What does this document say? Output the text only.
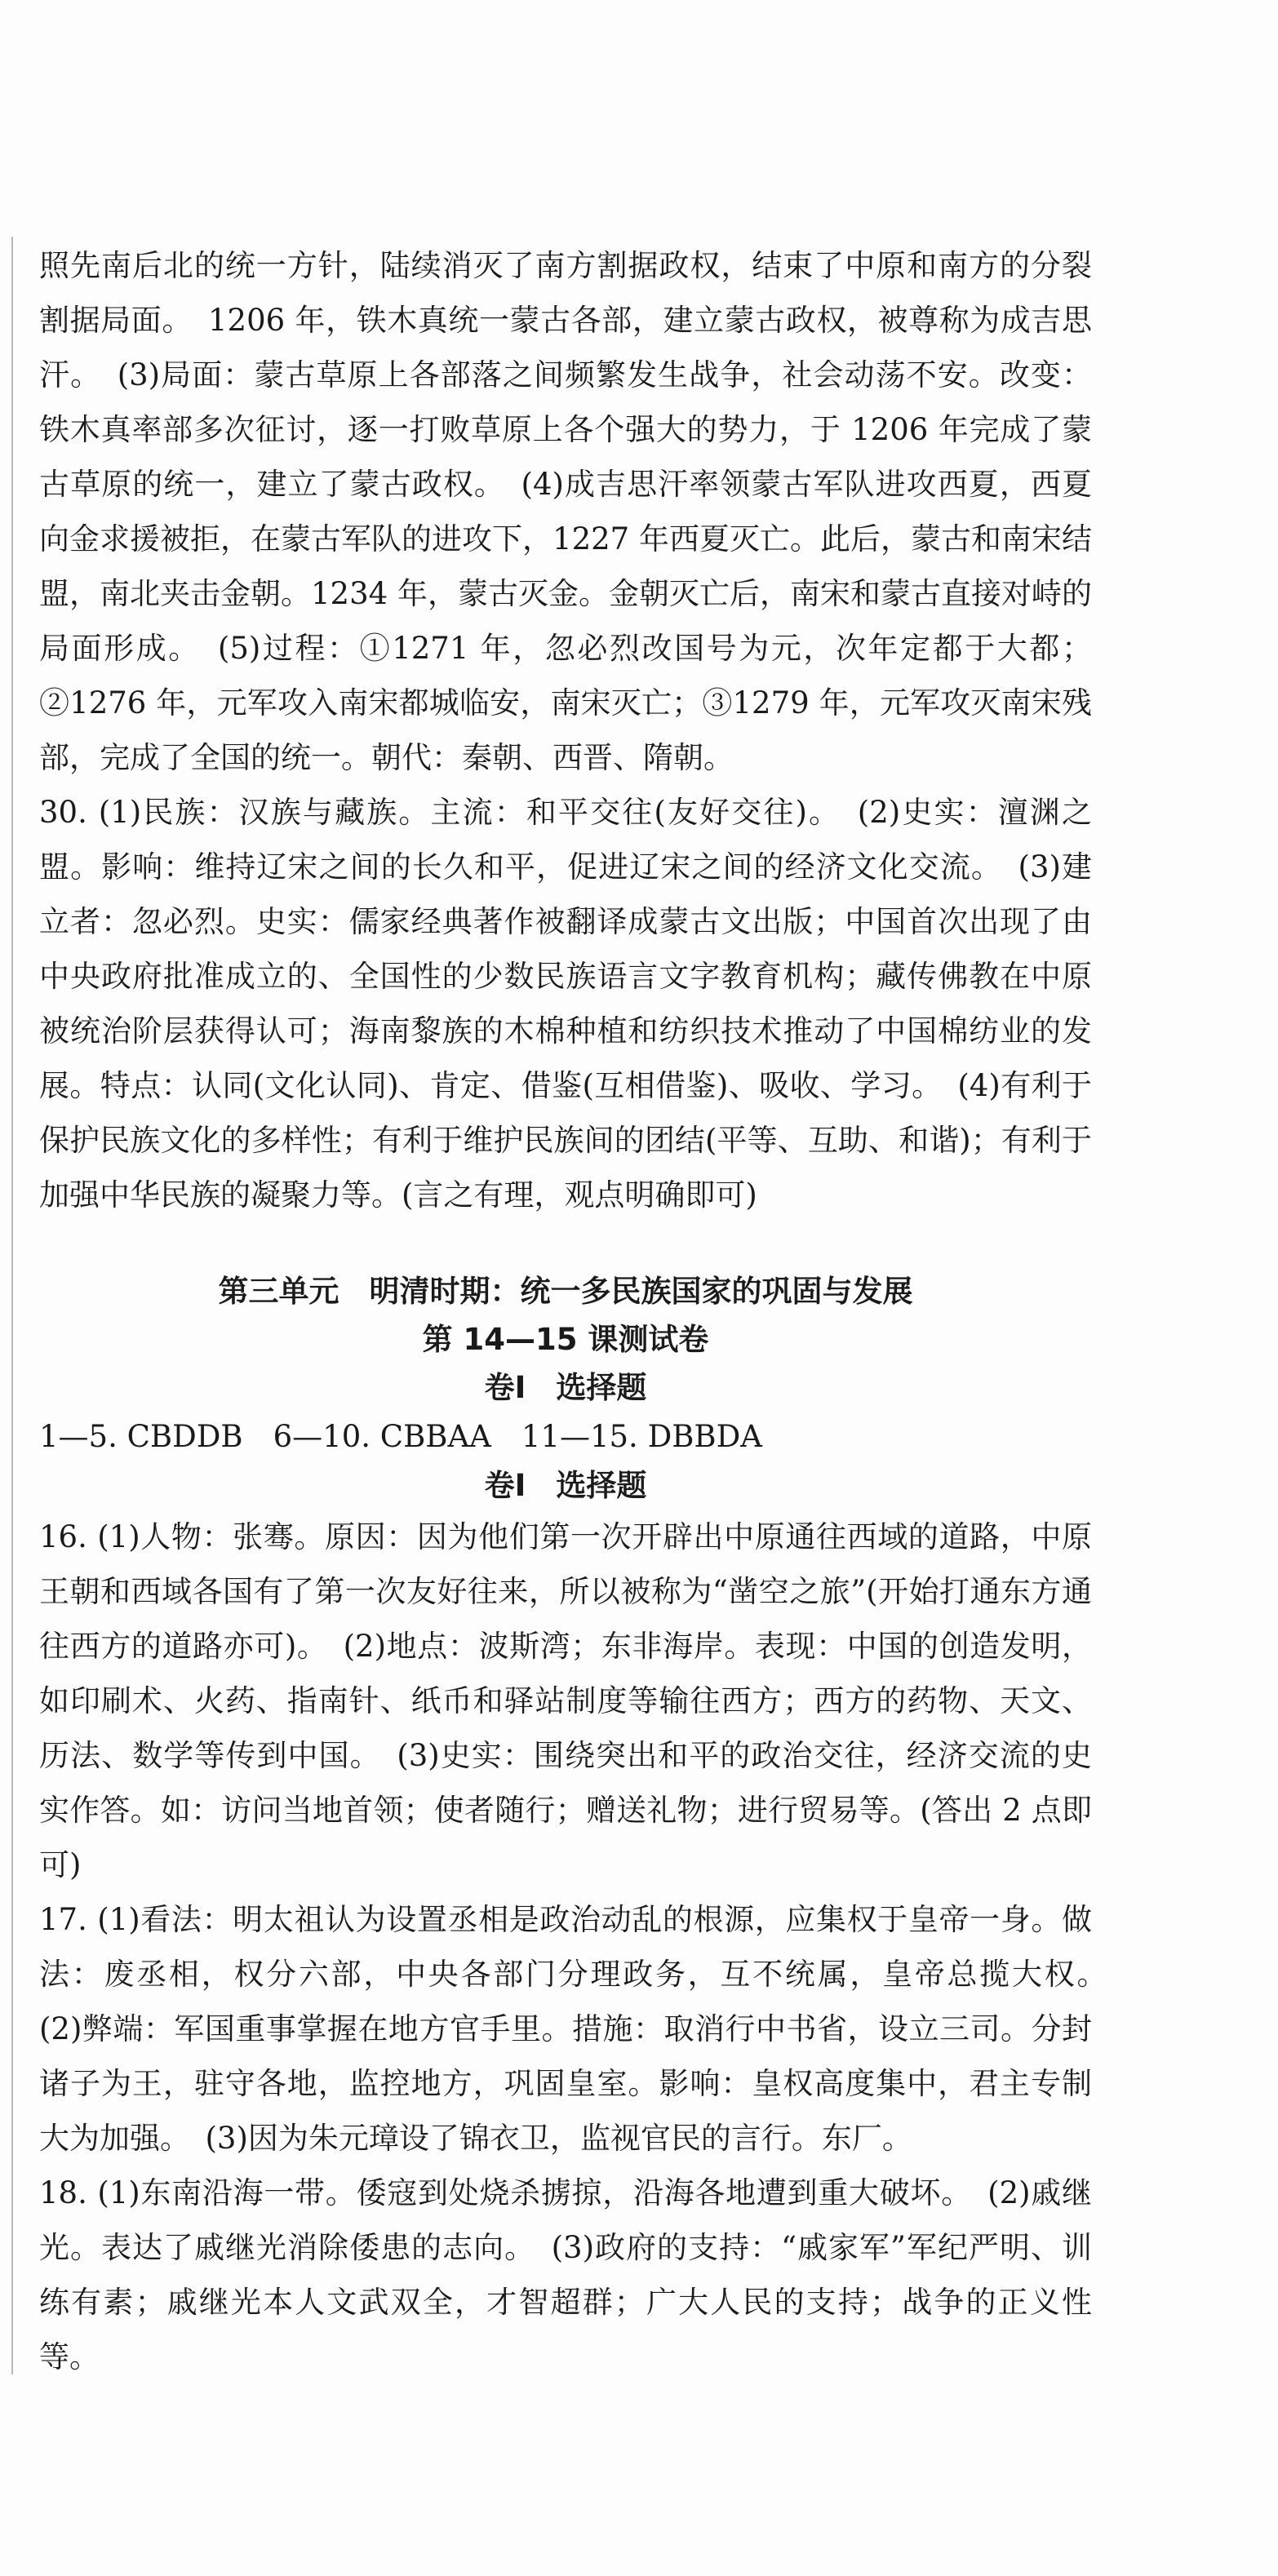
照先南后北的统一方针，陆续消灭了南方割据政权，结束了中原和南方的分裂割据局面。　1206 年，铁木真统一蒙古各部，建立蒙古政权，被尊称为成吉思汗。　(3)局面：蒙古草原上各部落之间频繁发生战争，社会动荡不安。改变：铁木真率部多次征讨，逐一打败草原上各个强大的势力，于 1206 年完成了蒙古草原的统一，建立了蒙古政权。　(4)成吉思汗率领蒙古军队进攻西夏，西夏向金求援被拒，在蒙古军队的进攻下，1227 年西夏灭亡。此后，蒙古和南宋结盟，南北夹击金朝。1234 年，蒙古灭金。金朝灭亡后，南宋和蒙古直接对峙的局面形成。　(5)过程：①1271 年，忽必烈改国号为元，次年定都于大都；②1276 年，元军攻入南宋都城临安，南宋灭亡；③1279 年，元军攻灭南宋残部，完成了全国的统一。朝代：秦朝、西晋、隋朝。

30. (1)民族：汉族与藏族。主流：和平交往(友好交往)。　(2)史实：澶渊之盟。影响：维持辽宋之间的长久和平，促进辽宋之间的经济文化交流。　(3)建立者：忽必烈。史实：儒家经典著作被翻译成蒙古文出版；中国首次出现了由中央政府批准成立的、全国性的少数民族语言文字教育机构；藏传佛教在中原被统治阶层获得认可；海南黎族的木棉种植和纺织技术推动了中国棉纺业的发展。特点：认同(文化认同)、肯定、借鉴(互相借鉴)、吸收、学习。　(4)有利于保护民族文化的多样性；有利于维护民族间的团结(平等、互助、和谐)；有利于加强中华民族的凝聚力等。(言之有理，观点明确即可)

第三单元　明清时期：统一多民族国家的巩固与发展

第 14—15 课测试卷

卷Ⅰ　选择题

1—5. CBDDB　6—10. CBBAA　11—15. DBBDA

卷Ⅰ　选择题

16. (1)人物：张骞。原因：因为他们第一次开辟出中原通往西域的道路，中原王朝和西域各国有了第一次友好往来，所以被称为“凿空之旅”(开始打通东方通往西方的道路亦可)。　(2)地点：波斯湾；东非海岸。表现：中国的创造发明，如印刷术、火药、指南针、纸币和驿站制度等输往西方；西方的药物、天文、历法、数学等传到中国。　(3)史实：围绕突出和平的政治交往，经济交流的史实作答。如：访问当地首领；使者随行；赠送礼物；进行贸易等。(答出 2 点即可)

17. (1)看法：明太祖认为设置丞相是政治动乱的根源，应集权于皇帝一身。做法：废丞相，权分六部，中央各部门分理政务，互不统属，皇帝总揽大权。　(2)弊端：军国重事掌握在地方官手里。措施：取消行中书省，设立三司。分封诸子为王，驻守各地，监控地方，巩固皇室。影响：皇权高度集中，君主专制大为加强。　(3)因为朱元璋设了锦衣卫，监视官民的言行。东厂。

18. (1)东南沿海一带。倭寇到处烧杀掳掠，沿海各地遭到重大破坏。　(2)戚继光。表达了戚继光消除倭患的志向。　(3)政府的支持：“戚家军”军纪严明、训练有素；戚继光本人文武双全，才智超群；广大人民的支持；战争的正义性等。
